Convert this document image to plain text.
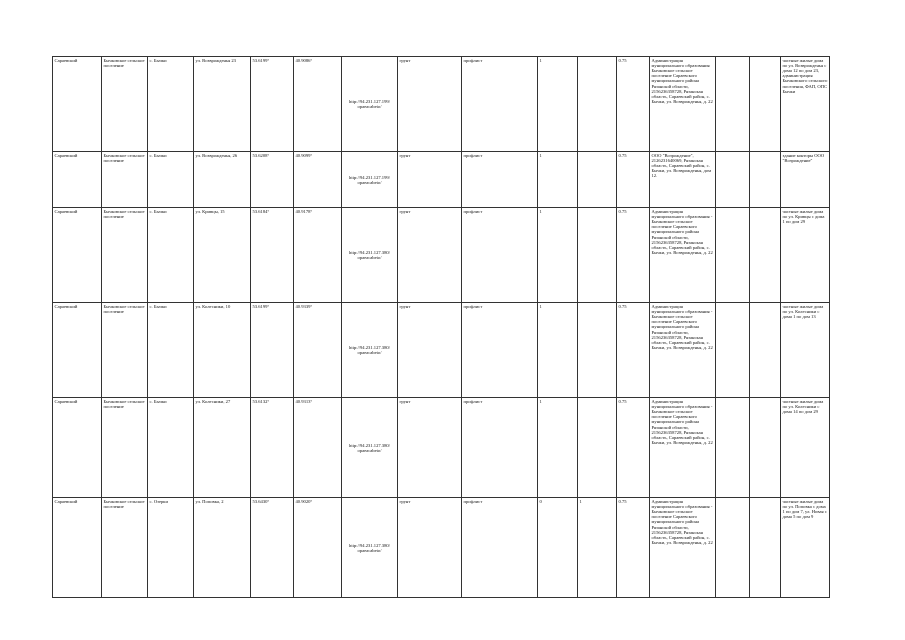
Сараевский	Бычковское сельское поселение	с. Бычки	ул. Возврожденья 23	53.6199°	40.9086°	http://94.231.127.199/ораeacabeto/	грунт	профлист	1		0.75	Администрация муниципального образования Бычковское сельское поселение Сараевского муниципального района Рязанской области, 2156236358728, Рязанская область, Сараевский район, с. Бычки, ул. Возврожденья, д. 22			частные жилые дома по ул. Возврожденья с дома 12 по дом 23, администрация Бычковского сельского поселения, ФАП, ОПС Бычки
Сараевский	Бычковское сельское поселение	с. Бычки	ул. Возврожденья, 26	53.6208°	40.9099°	http://94.231.127.199/ораeacabeto/	грунт	профлист	1		0.75	ООО "Возрождение", 2126231640069, Рязанская область, Сараевский район, с. Бычки, ул. Возврожденья, дом 12.			здание конторы ООО "Возрождение"
Сараевский	Бычковское сельское поселение	с. Бычки	ул. Кривцы, 15	53.6184°	40.9178°	http://94.231.127.380/ораeacabeto/	грунт	профлист	1		0.75	Администрация муниципального образования - Бычковское сельское поселение Сараевского муниципального района Рязанской области, 2156236358728, Рязанская область, Сараевский район, с. Бычки, ул. Возврожденья, д. 22			частные жилые дома по ул. Кривцы с дома 1 по дом 29
Сараевский	Бычковское сельское поселение	с. Бычки	ул. Колесники, 10	53.6199°	40.9339°	http://94.231.127.380/ораeacabeto/	грунт	профлист	1		0.75	Администрация муниципального образования - Бычковское сельское поселение Сараевского муниципального района Рязанской области, 2156236358728, Рязанская область, Сараевский район, с. Бычки, ул. Возврожденья, д. 22			частные жилые дома по ул. Колесники с дома 1 по дом 13
Сараевский	Бычковское сельское поселение	с. Бычки	ул. Колесники, 27	53.6132°	40.9313°	http://94.231.127.380/ораeacabeto/	грунт	профлист	1		0.75	Администрация муниципального образования - Бычковское сельское поселение Сараевского муниципального района Рязанской области, 2156236358728, Рязанская область, Сараевский район, с. Бычки, ул. Возврожденья, д. 22			частные жилые дома по ул. Колесники с дома 14 по дом 29
Сараевский	Бычковское сельское поселение	с. Озерки	ул. Поповка, 2	53.6430°	40.9020°	http://94.231.127.380/ораeacabeto/	грунт	профлист	0	1	0.75	Администрация муниципального образования - Бычковское сельское поселение Сараевского муниципального района Рязанской области, 2156236358728, Рязанская область, Сараевский район, с. Бычки, ул. Возврожденья, д. 22			частные жилые дома по ул. Поповка с дома 1 по дом 7, ул. Новая с дома 5 по дом 9
